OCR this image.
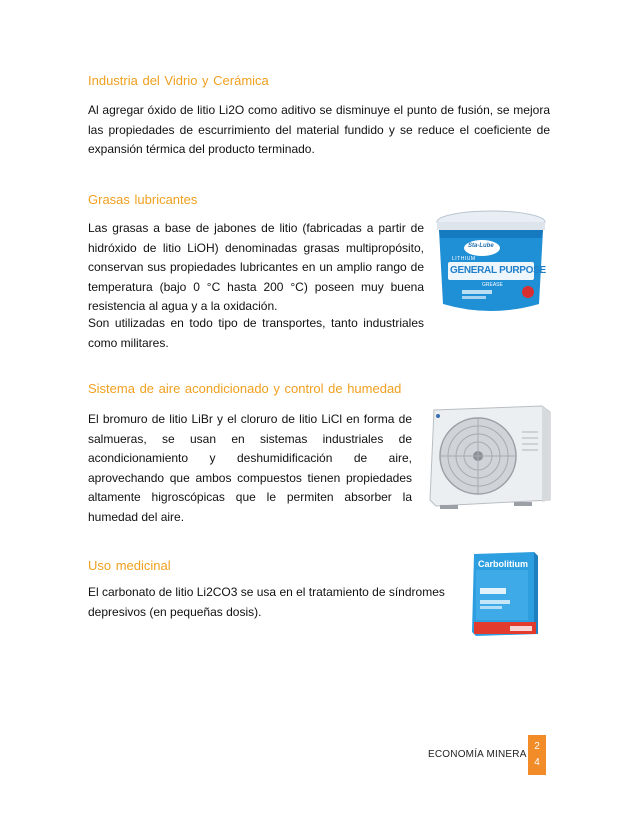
Industria del Vidrio y Cerámica
Al agregar óxido de litio Li2O como aditivo se disminuye el punto de fusión, se mejora las propiedades de escurrimiento del material fundido y se reduce el coeficiente de expansión térmica del producto terminado.
Grasas lubricantes
Las grasas a base de jabones de litio (fabricadas a partir de hidróxido de litio LiOH) denominadas grasas multipropósito, conservan sus propiedades lubricantes en un amplio rango de temperatura (bajo 0 °C hasta 200 °C) poseen muy buena resistencia al agua y a la oxidación.
Son utilizadas en todo tipo de transportes, tanto industriales como militares.
Sta-Lube
LITHIUM
GENERAL PURPOSE
GREASE
Sistema de aire acondicionado y control de humedad
El bromuro de litio LiBr y el cloruro de litio LiCl en forma de salmueras, se usan en sistemas industriales de acondicionamiento y deshumidificación de aire, aprovechando que ambos compuestos tienen propiedades altamente higroscópicas que le permiten absorber la humedad del aire.
Uso medicinal
El carbonato de litio Li2CO3 se usa en el tratamiento de síndromes depresivos (en pequeñas dosis).
Carbolitium
ECONOMÍA MINERA
2
4
